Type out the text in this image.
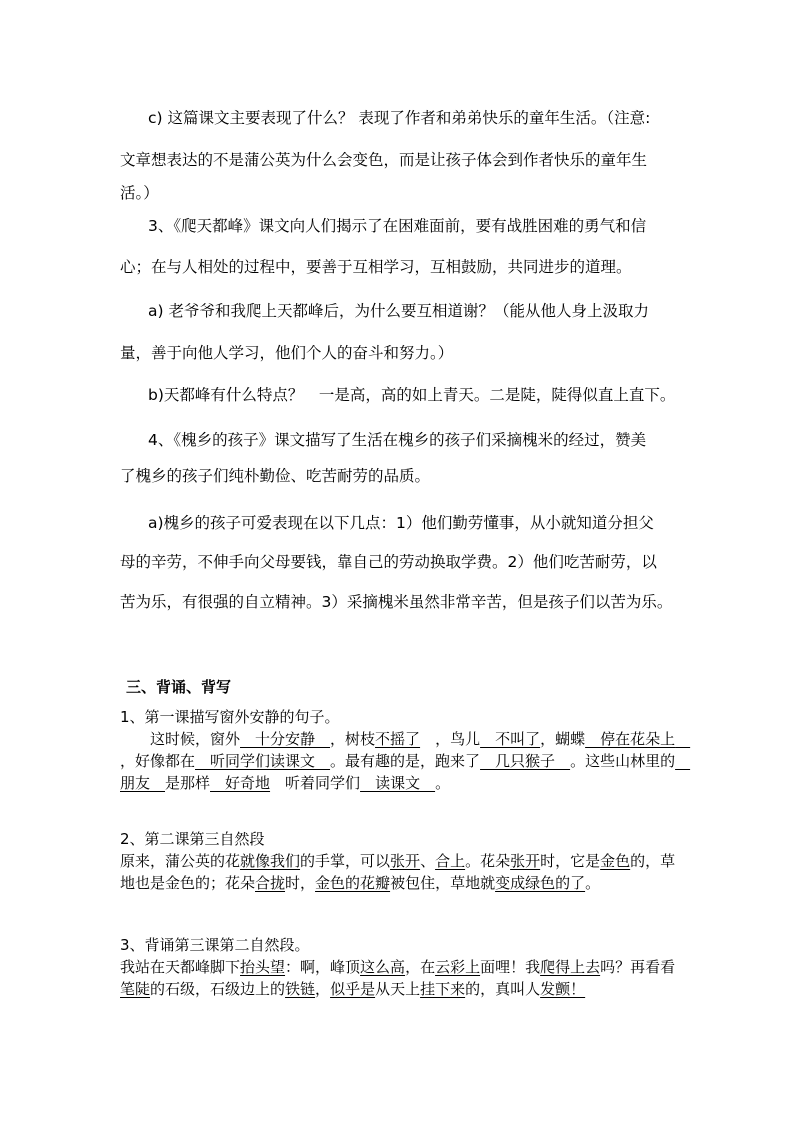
c) 这篇课文主要表现了什么？ 表现了作者和弟弟快乐的童年生活。（注意:
文章想表达的不是蒲公英为什么会变色，而是让孩子体会到作者快乐的童年生
活。）
3、《爬天都峰》课文向人们揭示了在困难面前，要有战胜困难的勇气和信
心；在与人相处的过程中，要善于互相学习，互相鼓励，共同进步的道理。
a) 老爷爷和我爬上天都峰后，为什么要互相道谢？（能从他人身上汲取力
量，善于向他人学习，他们个人的奋斗和努力。）
b)天都峰有什么特点？　一是高，高的如上青天。二是陡，陡得似直上直下。
4、《槐乡的孩子》课文描写了生活在槐乡的孩子们采摘槐米的经过，赞美
了槐乡的孩子们纯朴勤俭、吃苦耐劳的品质。
a)槐乡的孩子可爱表现在以下几点：1）他们勤劳懂事，从小就知道分担父
母的辛劳，不伸手向父母要钱，靠自己的劳动换取学费。2）他们吃苦耐劳，以
苦为乐，有很强的自立精神。3）采摘槐米虽然非常辛苦，但是孩子们以苦为乐。
三、背诵、背写
1、第一课描写窗外安静的句子。
　　这时候，窗外　十分安静　，树枝不摇了　，鸟儿　不叫了，蝴蝶　停在花朵上　，好像都在　听同学们读课文　。最有趣的是，跑来了　几只猴子　。这些山林里的　朋友　是那样　好奇地　听着同学们　读课文　。
2、第二课第三自然段
原来，蒲公英的花就像我们的手掌，可以张开、合上。花朵张开时，它是金色的，草地也是金色的；花朵合拢时，金色的花瓣被包住，草地就变成绿色的了。
3、背诵第三课第二自然段。
我站在天都峰脚下抬头望：啊，峰顶这么高，在云彩上面哩！我爬得上去吗？再看看笔陡的石级，石级边上的铁链，似乎是从天上挂下来的，真叫人发颤！
